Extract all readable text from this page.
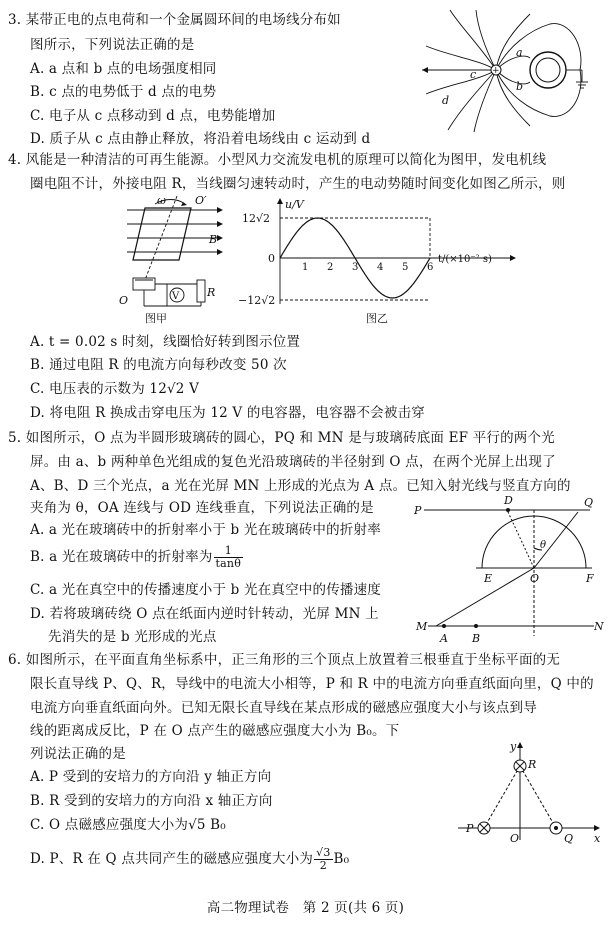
3. 某带正电的点电荷和一个金属圆环间的电场线分布如
图所示，下列说法正确的是
A. a 点和 b 点的电场强度相同
B. c 点的电势低于 d 点的电势
C. 电子从 c 点移动到 d 点，电势能增加
D. 质子从 c 点由静止释放，将沿着电场线由 c 运动到 d
+
a
b
c
d
4. 风能是一种清洁的可再生能源。小型风力交流发电机的原理可以简化为图甲，发电机线
圈电阻不计，外接电阻 R，当线圈匀速转动时，产生的电动势随时间变化如图乙所示，则
V	R
ω	O′
B
O
图甲
u/V
t/(×10⁻² s)
12√2
−12√2
0
1 2 3 4 5 6
图乙
A. t = 0.02 s 时刻，线圈恰好转到图示位置
B. 通过电阻 R 的电流方向每秒改变 50 次
C. 电压表的示数为 12√2 V
D. 将电阻 R 换成击穿电压为 12 V 的电容器，电容器不会被击穿
5. 如图所示，O 点为半圆形玻璃砖的圆心，PQ 和 MN 是与玻璃砖底面 EF 平行的两个光
屏。由 a、b 两种单色光组成的复色光沿玻璃砖的半径射到 O 点，在两个光屏上出现了
A、B、D 三个光点，a 光在光屏 MN 上形成的光点为 A 点。已知入射光线与竖直方向的
夹角为 θ，OA 连线与 OD 连线垂直，下列说法正确的是
A. a 光在玻璃砖中的折射率小于 b 光在玻璃砖中的折射率
B. a 光在玻璃砖中的折射率为 $\frac{1}{\tan\theta}$
C. a 光在真空中的传播速度小于 b 光在真空中的传播速度
D. 若将玻璃砖绕 O 点在纸面内逆时针转动，光屏 MN 上
先消失的是 b 光形成的光点
P
D	Q
θ
E	O	F
M
A B
N
6. 如图所示，在平面直角坐标系中，正三角形的三个顶点上放置着三根垂直于坐标平面的无
限长直导线 P、Q、R，导线中的电流大小相等，P 和 R 中的电流方向垂直纸面向里，Q 中的
电流方向垂直纸面向外。已知无限长直导线在某点形成的磁感应强度大小与该点到导
线的距离成反比，P 在 O 点产生的磁感应强度大小为 B₀。下
列说法正确的是
A. P 受到的安培力的方向沿 y 轴正方向
B. R 受到的安培力的方向沿 x 轴正方向
C. O 点磁感应强度大小为√5 B₀
D. P、R 在 Q 点共同产生的磁感应强度大小为 $\frac{√3}{2} B_0$
y
R
P
O	Q x
高二物理试卷　第 2 页(共 6 页)
